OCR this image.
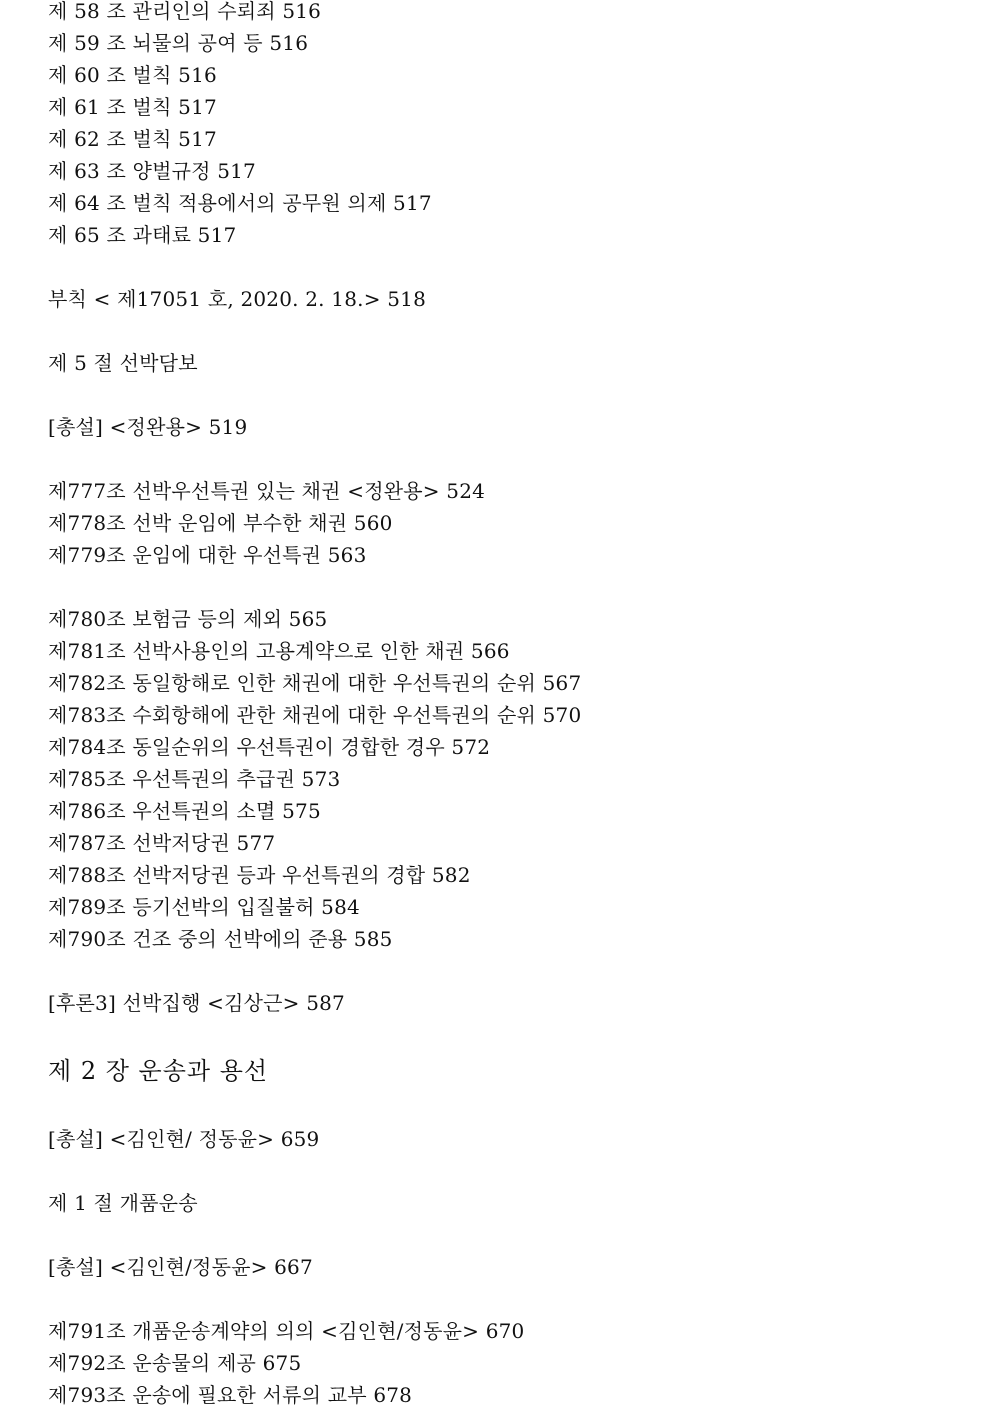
제 58 조 관리인의 수뢰죄 516
제 59 조 뇌물의 공여 등 516
제 60 조 벌칙 516
제 61 조 벌칙 517
제 62 조 벌칙 517
제 63 조 양벌규정 517
제 64 조 벌칙 적용에서의 공무원 의제 517
제 65 조 과태료 517
부칙 < 제17051 호, 2020. 2. 18.> 518
제 5 절 선박담보
[총설] <정완용> 519
제777조 선박우선특권 있는 채권 <정완용> 524
제778조 선박 운임에 부수한 채권 560
제779조 운임에 대한 우선특권 563
제780조 보험금 등의 제외 565
제781조 선박사용인의 고용계약으로 인한 채권 566
제782조 동일항해로 인한 채권에 대한 우선특권의 순위 567
제783조 수회항해에 관한 채권에 대한 우선특권의 순위 570
제784조 동일순위의 우선특권이 경합한 경우 572
제785조 우선특권의 추급권 573
제786조 우선특권의 소멸 575
제787조 선박저당권 577
제788조 선박저당권 등과 우선특권의 경합 582
제789조 등기선박의 입질불허 584
제790조 건조 중의 선박에의 준용 585
[후론3] 선박집행 <김상근> 587
제 2 장 운송과 용선
[총설] <김인현/ 정동윤> 659
제 1 절 개품운송
[총설] <김인현/정동윤> 667
제791조 개품운송계약의 의의 <김인현/정동윤> 670
제792조 운송물의 제공 675
제793조 운송에 필요한 서류의 교부 678
